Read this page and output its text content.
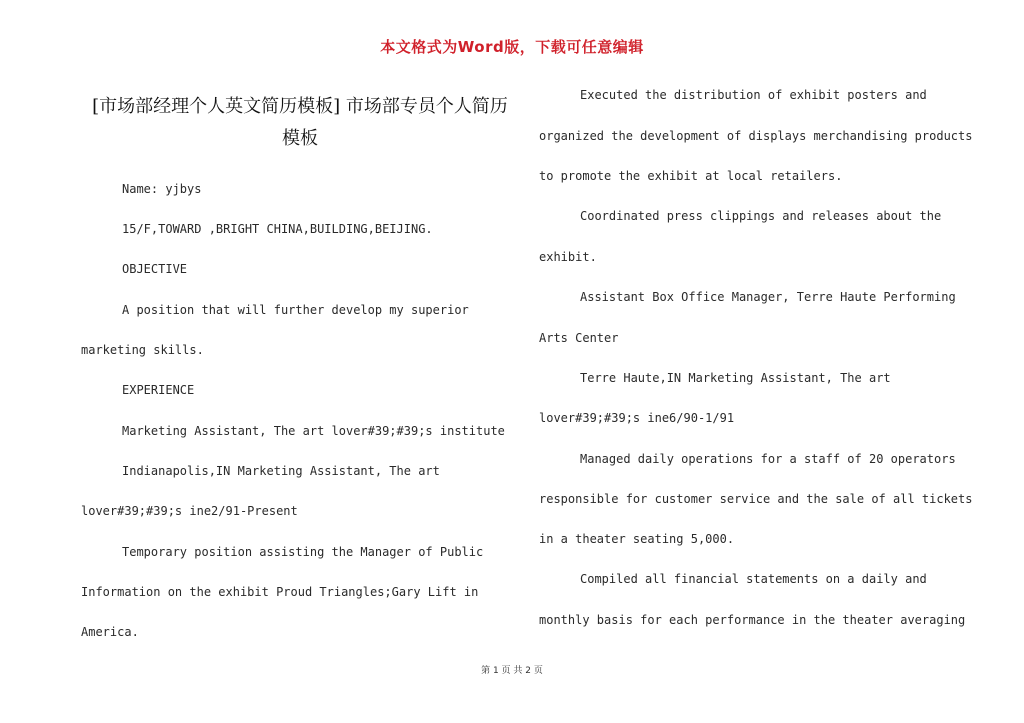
本文格式为Word版，下载可任意编辑
[市场部经理个人英文简历模板] 市场部专员个人简历
模板
Name: yjbys
15/F,TOWARD ,BRIGHT CHINA,BUILDING,BEIJING.
OBJECTIVE
A position that will further develop my superior
marketing skills.
EXPERIENCE
Marketing Assistant, The art lover#39;#39;s institute
Indianapolis,IN Marketing Assistant, The art
lover#39;#39;s ine2/91-Present
Temporary position assisting the Manager of Public
Information on the exhibit Proud Triangles;Gary Lift in
America.
Executed the distribution of exhibit posters and
organized the development of displays merchandising products
to promote the exhibit at local retailers.
Coordinated press clippings and releases about the
exhibit.
Assistant Box Office Manager, Terre Haute Performing
Arts Center
Terre Haute,IN Marketing Assistant, The art
lover#39;#39;s ine6/90-1/91
Managed daily operations for a staff of 20 operators
responsible for customer service and the sale of all tickets
in a theater seating 5,000.
Compiled all financial statements on a daily and
monthly basis for each performance in the theater averaging
第 1 页 共 2 页
